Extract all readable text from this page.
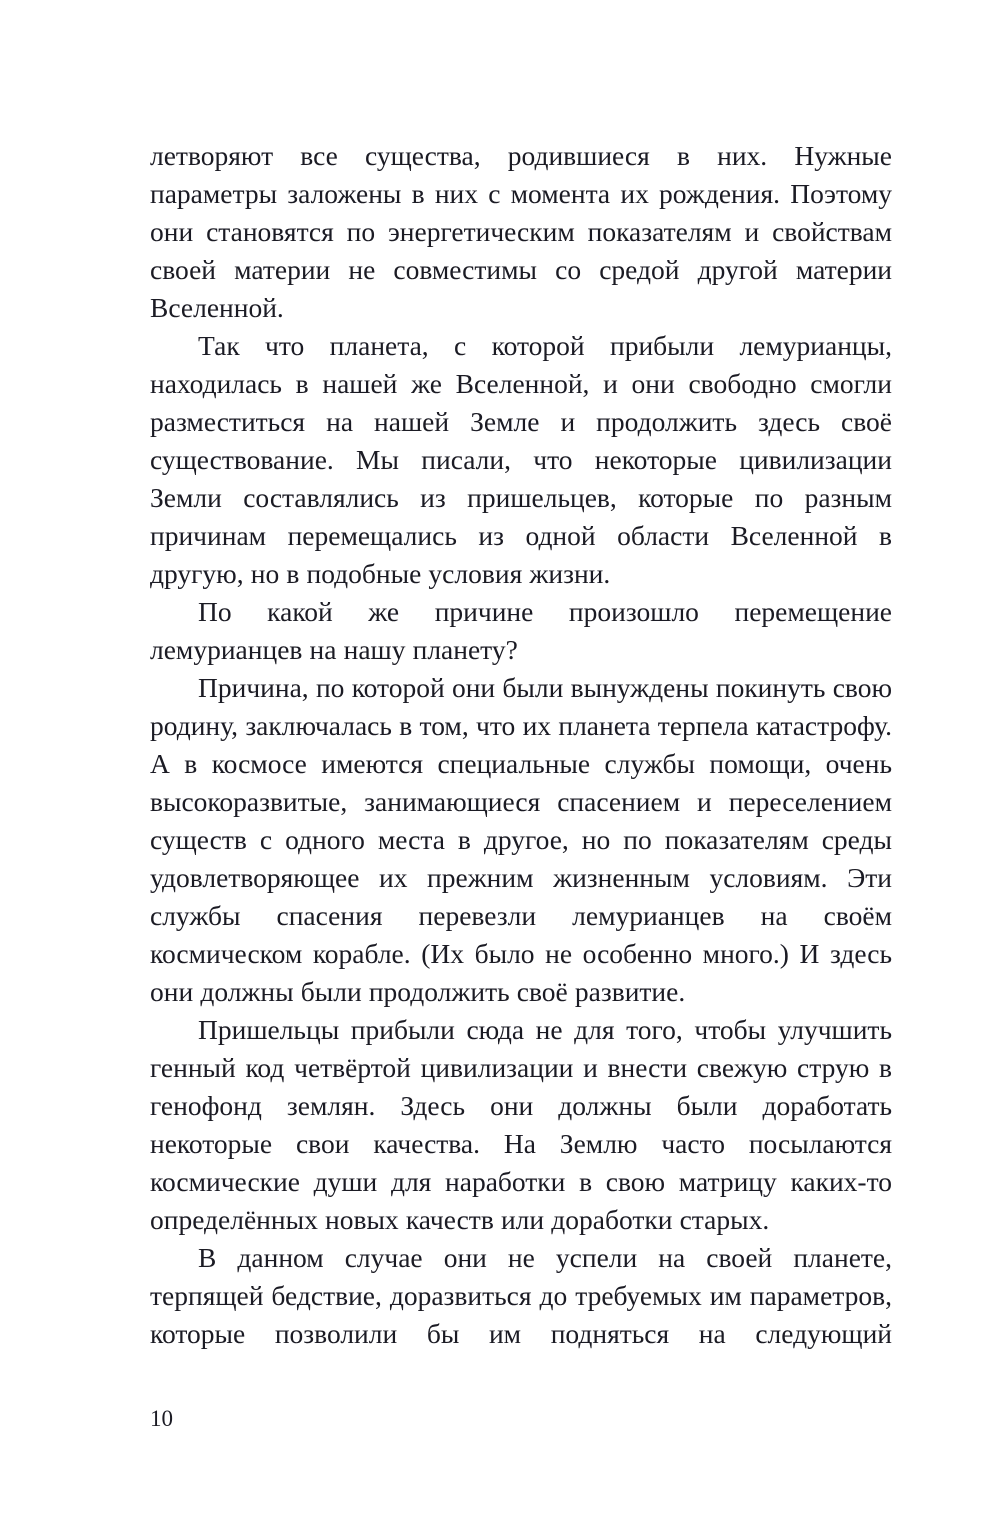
летворяют все существа, родившиеся в них. Нужные параметры заложены в них с момента их рождения. Поэтому они становятся по энергетическим показателям и свойствам своей материи не совместимы со средой другой материи Вселенной.

Так что планета, с которой прибыли лемурианцы, находилась в нашей же Вселенной, и они свободно смогли разместиться на нашей Земле и продолжить здесь своё существование. Мы писали, что некоторые цивилизации Земли составлялись из пришельцев, которые по разным причинам перемещались из одной области Вселенной в другую, но в подобные условия жизни.

По какой же причине произошло перемещение лемурианцев на нашу планету?

Причина, по которой они были вынуждены покинуть свою родину, заключалась в том, что их планета терпела катастрофу. А в космосе имеются специальные службы помощи, очень высокоразвитые, занимающиеся спасением и переселением существ с одного места в другое, но по показателям среды удовлетворяющее их прежним жизненным условиям. Эти службы спасения перевезли лемурианцев на своём космическом корабле. (Их было не особенно много.) И здесь они должны были продолжить своё развитие.

Пришельцы прибыли сюда не для того, чтобы улучшить генный код четвёртой цивилизации и внести свежую струю в генофонд землян. Здесь они должны были доработать некоторые свои качества. На Землю часто посылаются космические души для наработки в свою матрицу каких-то определённых новых качеств или доработки старых.

В данном случае они не успели на своей планете, терпящей бедствие, доразвиться до требуемых им параметров, которые позволили бы им подняться на следующий

10
